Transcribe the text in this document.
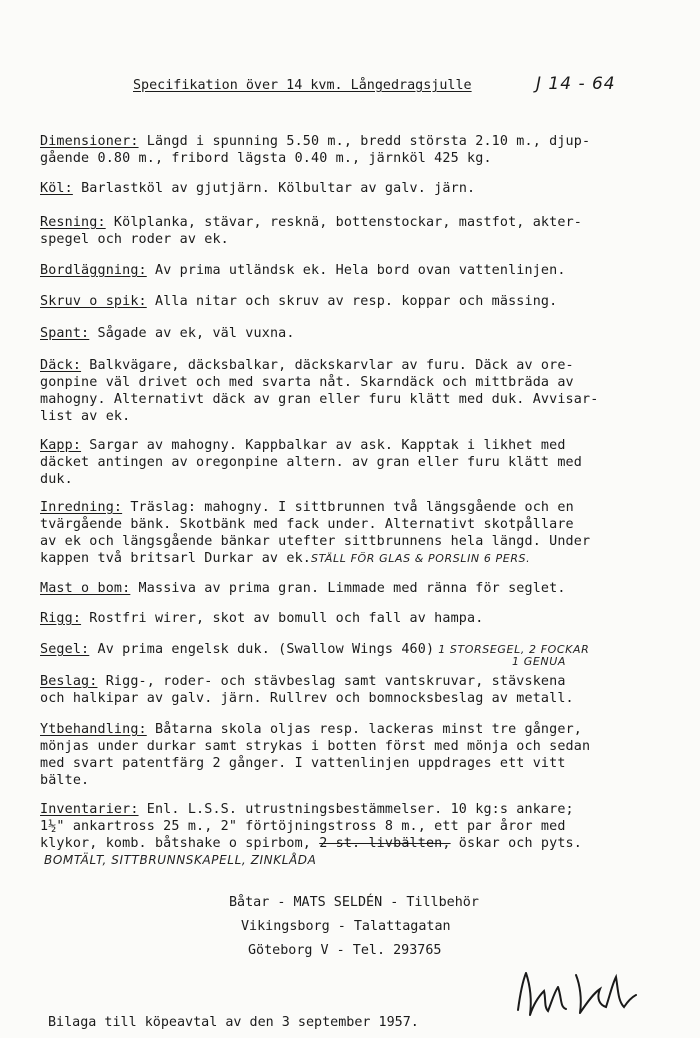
Specifikation över 14 kvm. Långedragsjulle	J 14 - 64
Dimensioner: Längd i spunning 5.50 m., bredd största 2.10 m., djup-
gående 0.80 m., fribord lägsta 0.40 m., järnköl 425 kg.
Köl: Barlastköl av gjutjärn. Kölbultar av galv. järn.
Resning: Kölplanka, stävar, resknä, bottenstockar, mastfot, akter-
spegel och roder av ek.
Bordläggning: Av prima utländsk ek. Hela bord ovan vattenlinjen.
Skruv o spik: Alla nitar och skruv av resp. koppar och mässing.
Spant: Sågade av ek, väl vuxna.
Däck: Balkvägare, däcksbalkar, däckskarvlar av furu. Däck av ore-
gonpine väl drivet och med svarta nåt. Skarndäck och mittbräda av
mahogny. Alternativt däck av gran eller furu klätt med duk. Avvisar-
list av ek.
Kapp: Sargar av mahogny. Kappbalkar av ask. Kapptak i likhet med
däcket antingen av oregonpine altern. av gran eller furu klätt med
duk.
Inredning: Träslag: mahogny. I sittbrunnen två längsgående och en
tvärgående bänk. Skotbänk med fack under. Alternativt skotpållare
av ek och längsgående bänkar utefter sittbrunnens hela längd. Under
kappen två britsarl Durkar av ek.STÄLL FÖR GLAS & PORSLIN 6 PERS.
Mast o bom: Massiva av prima gran. Limmade med ränna för seglet.
Rigg: Rostfri wirer, skot av bomull och fall av hampa.
Segel: Av prima engelsk duk. (Swallow Wings 460) 1 STORSEGEL, 2 FOCKAR
1 GENUA
Beslag: Rigg-, roder- och stävbeslag samt vantskruvar, stävskena
och halkipar av galv. järn. Rullrev och bomnocksbeslag av metall.
Ytbehandling: Båtarna skola oljas resp. lackeras minst tre gånger,
mönjas under durkar samt strykas i botten först med mönja och sedan
med svart patentfärg 2 gånger. I vattenlinjen uppdrages ett vitt
bälte.
Inventarier: Enl. L.S.S. utrustningsbestämmelser. 10 kg:s ankare;
1½" ankartross 25 m., 2" förtöjningstross 8 m., ett par åror med
klykor, komb. båtshake o spirbom, 2 st. livbälten, öskar och pyts.
BOMTÄLT, SITTBRUNNSKAPELL, ZINKLÅDA
Båtar - MATS SELDÉN - Tillbehör
Vikingsborg - Talattagatan
Göteborg V - Tel. 293765
Bilaga till köpeavtal av den 3 september 1957.
